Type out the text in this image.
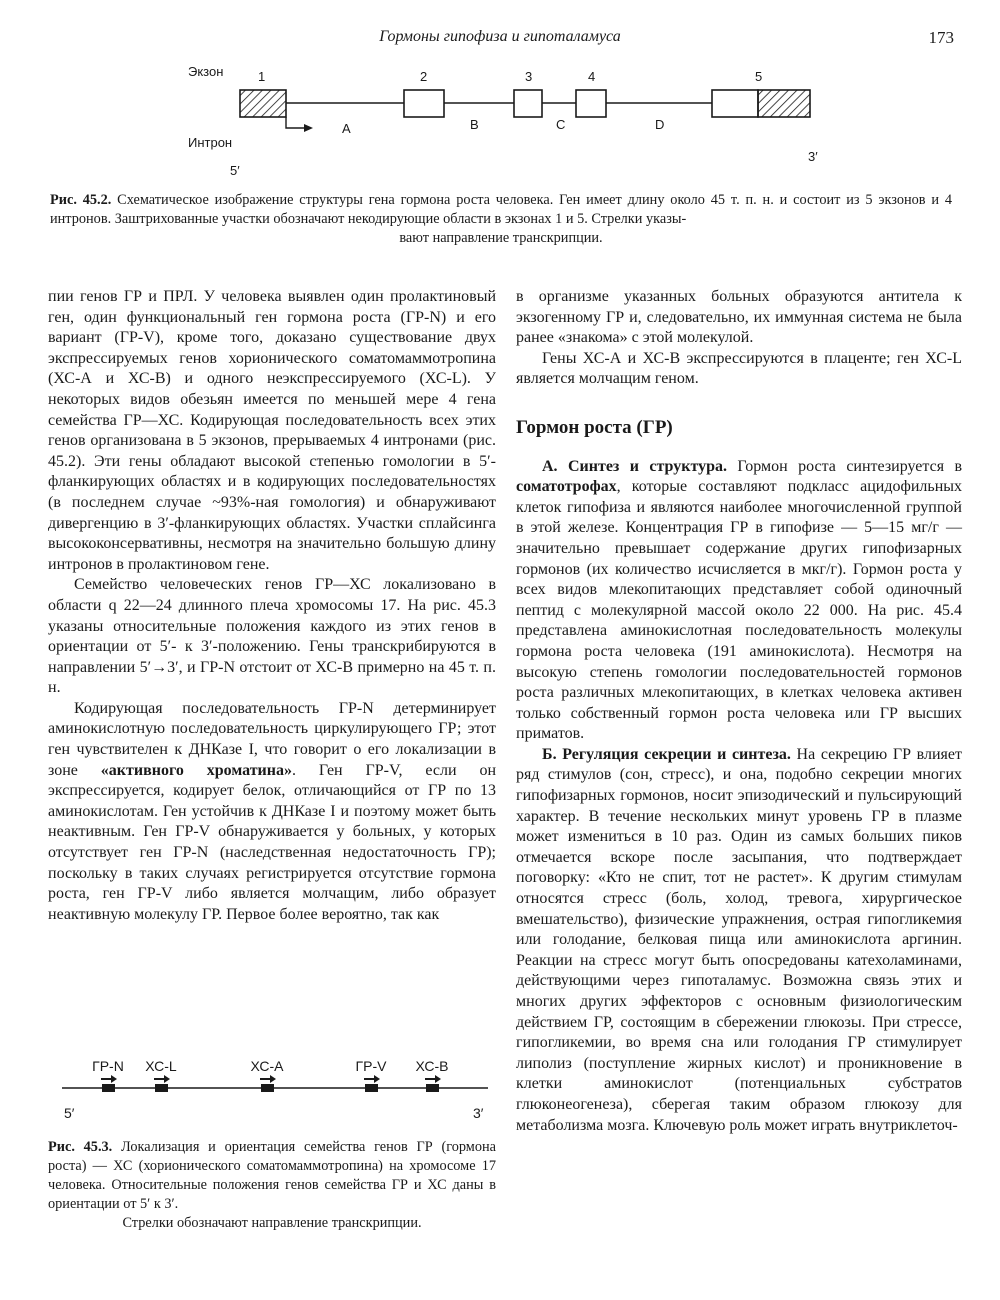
Гормоны гипофиза и гипоталамуса	173
Экзон
Интрон
1	2	3	4	5
A	B	C	D
5′
3′
Рис. 45.2. Схематическое изображение структуры гена гормона роста человека. Ген имеет длину около 45 т. п. н. и состоит из 5 экзонов и 4 интронов. Заштрихованные участки обозначают некодирующие области в экзонах 1 и 5. Стрелки указы-
вают направление транскрипции.

пии генов ГР и ПРЛ. У человека выявлен один пролактиновый ген, один функциональный ген гормона роста (ГР-N) и его вариант (ГР-V), кроме того, доказано существование двух экспрессируемых генов хорионического соматомаммотропина (ХС-А и ХС-В) и одного неэкспрессируемого (ХС-L). У некоторых видов обезьян имеется по меньшей мере 4 гена семейства ГР—ХС. Кодирующая последовательность всех этих генов организована в 5 экзонов, прерываемых 4 интронами (рис. 45.2). Эти гены обладают высокой степенью гомологии в 5′-фланкирующих областях и в кодирующих последовательностях (в последнем случае ~93%-ная гомология) и обнаруживают дивергенцию в 3′-фланкирующих областях. Участки сплайсинга высококонсервативны, несмотря на значительно большую длину интронов в пролактиновом гене.

Семейство человеческих генов ГР—ХС локализовано в области q 22—24 длинного плеча хромосомы 17. На рис. 45.3 указаны относительные положения каждого из этих генов в ориентации от 5′- к 3′-положению. Гены транскрибируются в направлении 5′→3′, и ГР-N отстоит от ХС-В примерно на 45 т. п. н.

Кодирующая последовательность ГР-N детерминирует аминокислотную последовательность циркулирующего ГР; этот ген чувствителен к ДНКазе I, что говорит о его локализации в зоне «активного хроматина». Ген ГР-V, если он экспрессируется, кодирует белок, отличающийся от ГР по 13 аминокислотам. Ген устойчив к ДНКазе I и поэтому может быть неактивным. Ген ГР-V обнаруживается у больных, у которых отсутствует ген ГР-N (наследственная недостаточность ГР); поскольку в таких случаях регистрируется отсутствие гормона роста, ген ГР-V либо является молчащим, либо образует неактивную молекулу ГР. Первое более вероятно, так как

ГР-N ХС-L	ХС-А	ГР-V ХС-В
5′	3′

Рис. 45.3. Локализация и ориентация семейства генов ГР (гормона роста) — ХС (хорионического соматомаммотропина) на хромосоме 17 человека. Относительные положения генов семейства ГР и ХС даны в ориентации от 5′ к 3′.

Стрелки обозначают направление транскрипции.

в организме указанных больных образуются антитела к экзогенному ГР и, следовательно, их иммунная система не была ранее «знакома» с этой молекулой.

Гены ХС-А и ХС-В экспрессируются в плаценте; ген ХС-L является молчащим геном.

Гормон роста (ГР)

А. Синтез и структура. Гормон роста синтезируется в соматотрофах, которые составляют подкласс ацидофильных клеток гипофиза и являются наиболее многочисленной группой в этой железе. Концентрация ГР в гипофизе — 5—15 мг/г — значительно превышает содержание других гипофизарных гормонов (их количество исчисляется в мкг/г). Гормон роста у всех видов млекопитающих представляет собой одиночный пептид с молекулярной массой около 22 000. На рис. 45.4 представлена аминокислотная последовательность молекулы гормона роста человека (191 аминокислота). Несмотря на высокую степень гомологии последовательностей гормонов роста различных млекопитающих, в клетках человека активен только собственный гормон роста человека или ГР высших приматов.

Б. Регуляция секреции и синтеза. На секрецию ГР влияет ряд стимулов (сон, стресс), и она, подобно секреции многих гипофизарных гормонов, носит эпизодический и пульсирующий характер. В течение нескольких минут уровень ГР в плазме может измениться в 10 раз. Один из самых больших пиков отмечается вскоре после засыпания, что подтверждает поговорку: «Кто не спит, тот не растет». К другим стимулам относятся стресс (боль, холод, тревога, хирургическое вмешательство), физические упражнения, острая гипогликемия или голодание, белковая пища или аминокислота аргинин. Реакции на стресс могут быть опосредованы катехоламинами, действующими через гипоталамус. Возможна связь этих и многих других эффекторов с основным физиологическим действием ГР, состоящим в сбережении глюкозы. При стрессе, гипогликемии, во время сна или голодания ГР стимулирует липолиз (поступление жирных кислот) и проникновение в клетки аминокислот (потенциальных субстратов глюконеогенеза), сберегая таким образом глюкозу для метаболизма мозга. Ключевую роль может играть внутриклеточ-
